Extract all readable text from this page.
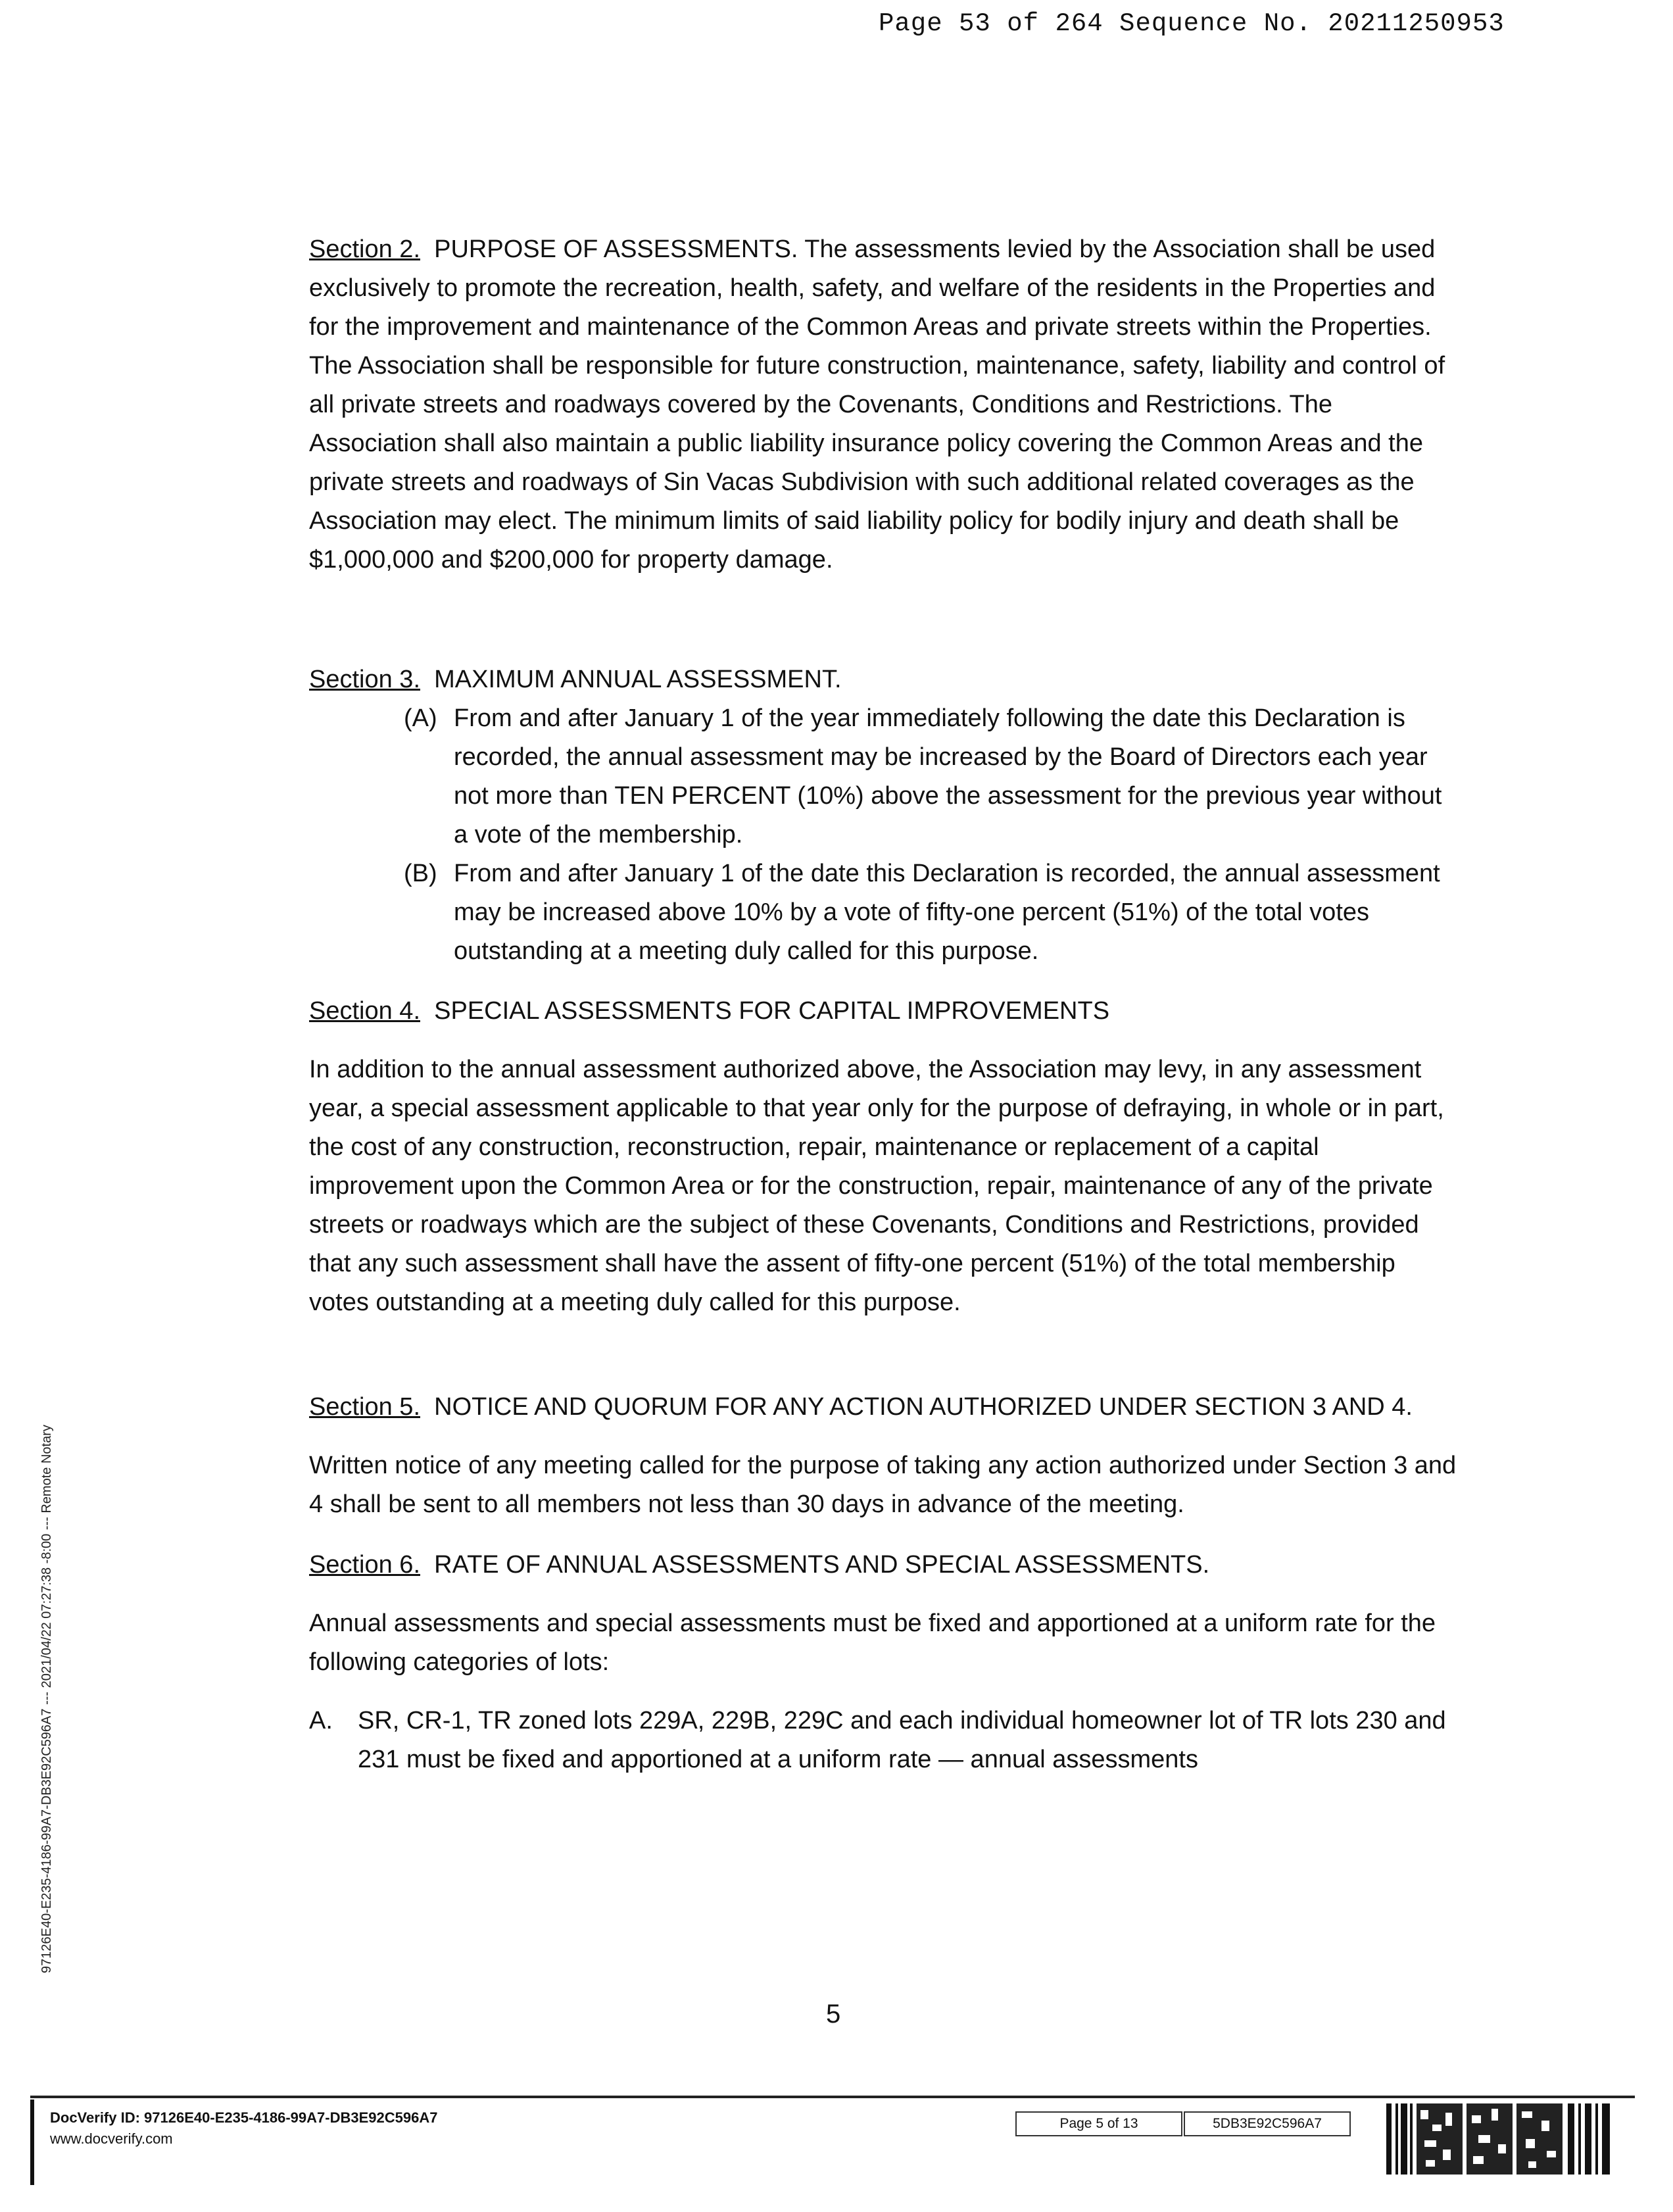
Page 53 of 264 Sequence No. 20211250953

Section 2. PURPOSE OF ASSESSMENTS. The assessments levied by the Association shall be used exclusively to promote the recreation, health, safety, and welfare of the residents in the Properties and for the improvement and maintenance of the Common Areas and private streets within the Properties. The Association shall be responsible for future construction, maintenance, safety, liability and control of all private streets and roadways covered by the Covenants, Conditions and Restrictions. The Association shall also maintain a public liability insurance policy covering the Common Areas and the private streets and roadways of Sin Vacas Subdivision with such additional related coverages as the Association may elect. The minimum limits of said liability policy for bodily injury and death shall be $1,000,000 and $200,000 for property damage.

Section 3. MAXIMUM ANNUAL ASSESSMENT.

(A) From and after January 1 of the year immediately following the date this Declaration is recorded, the annual assessment may be increased by the Board of Directors each year not more than TEN PERCENT (10%) above the assessment for the previous year without a vote of the membership.

(B) From and after January 1 of the date this Declaration is recorded, the annual assessment may be increased above 10% by a vote of fifty-one percent (51%) of the total votes outstanding at a meeting duly called for this purpose.

Section 4. SPECIAL ASSESSMENTS FOR CAPITAL IMPROVEMENTS

In addition to the annual assessment authorized above, the Association may levy, in any assessment year, a special assessment applicable to that year only for the purpose of defraying, in whole or in part, the cost of any construction, reconstruction, repair, maintenance or replacement of a capital improvement upon the Common Area or for the construction, repair, maintenance of any of the private streets or roadways which are the subject of these Covenants, Conditions and Restrictions, provided that any such assessment shall have the assent of fifty-one percent (51%) of the total membership votes outstanding at a meeting duly called for this purpose.

Section 5. NOTICE AND QUORUM FOR ANY ACTION AUTHORIZED UNDER SECTION 3 AND 4.

Written notice of any meeting called for the purpose of taking any action authorized under Section 3 and 4 shall be sent to all members not less than 30 days in advance of the meeting.

Section 6. RATE OF ANNUAL ASSESSMENTS AND SPECIAL ASSESSMENTS.

Annual assessments and special assessments must be fixed and apportioned at a uniform rate for the following categories of lots:

A. SR, CR-1, TR zoned lots 229A, 229B, 229C and each individual homeowner lot of TR lots 230 and 231 must be fixed and apportioned at a uniform rate — annual assessments

5
97126E40-E235-4186-99A7-DB3E92C596A7 --- 2021/04/22 07:27:38 -8:00 --- Remote Notary
DocVerify ID: 97126E40-E235-4186-99A7-DB3E92C596A7
www.docverify.com
Page 5 of 13	5DB3E92C596A7
